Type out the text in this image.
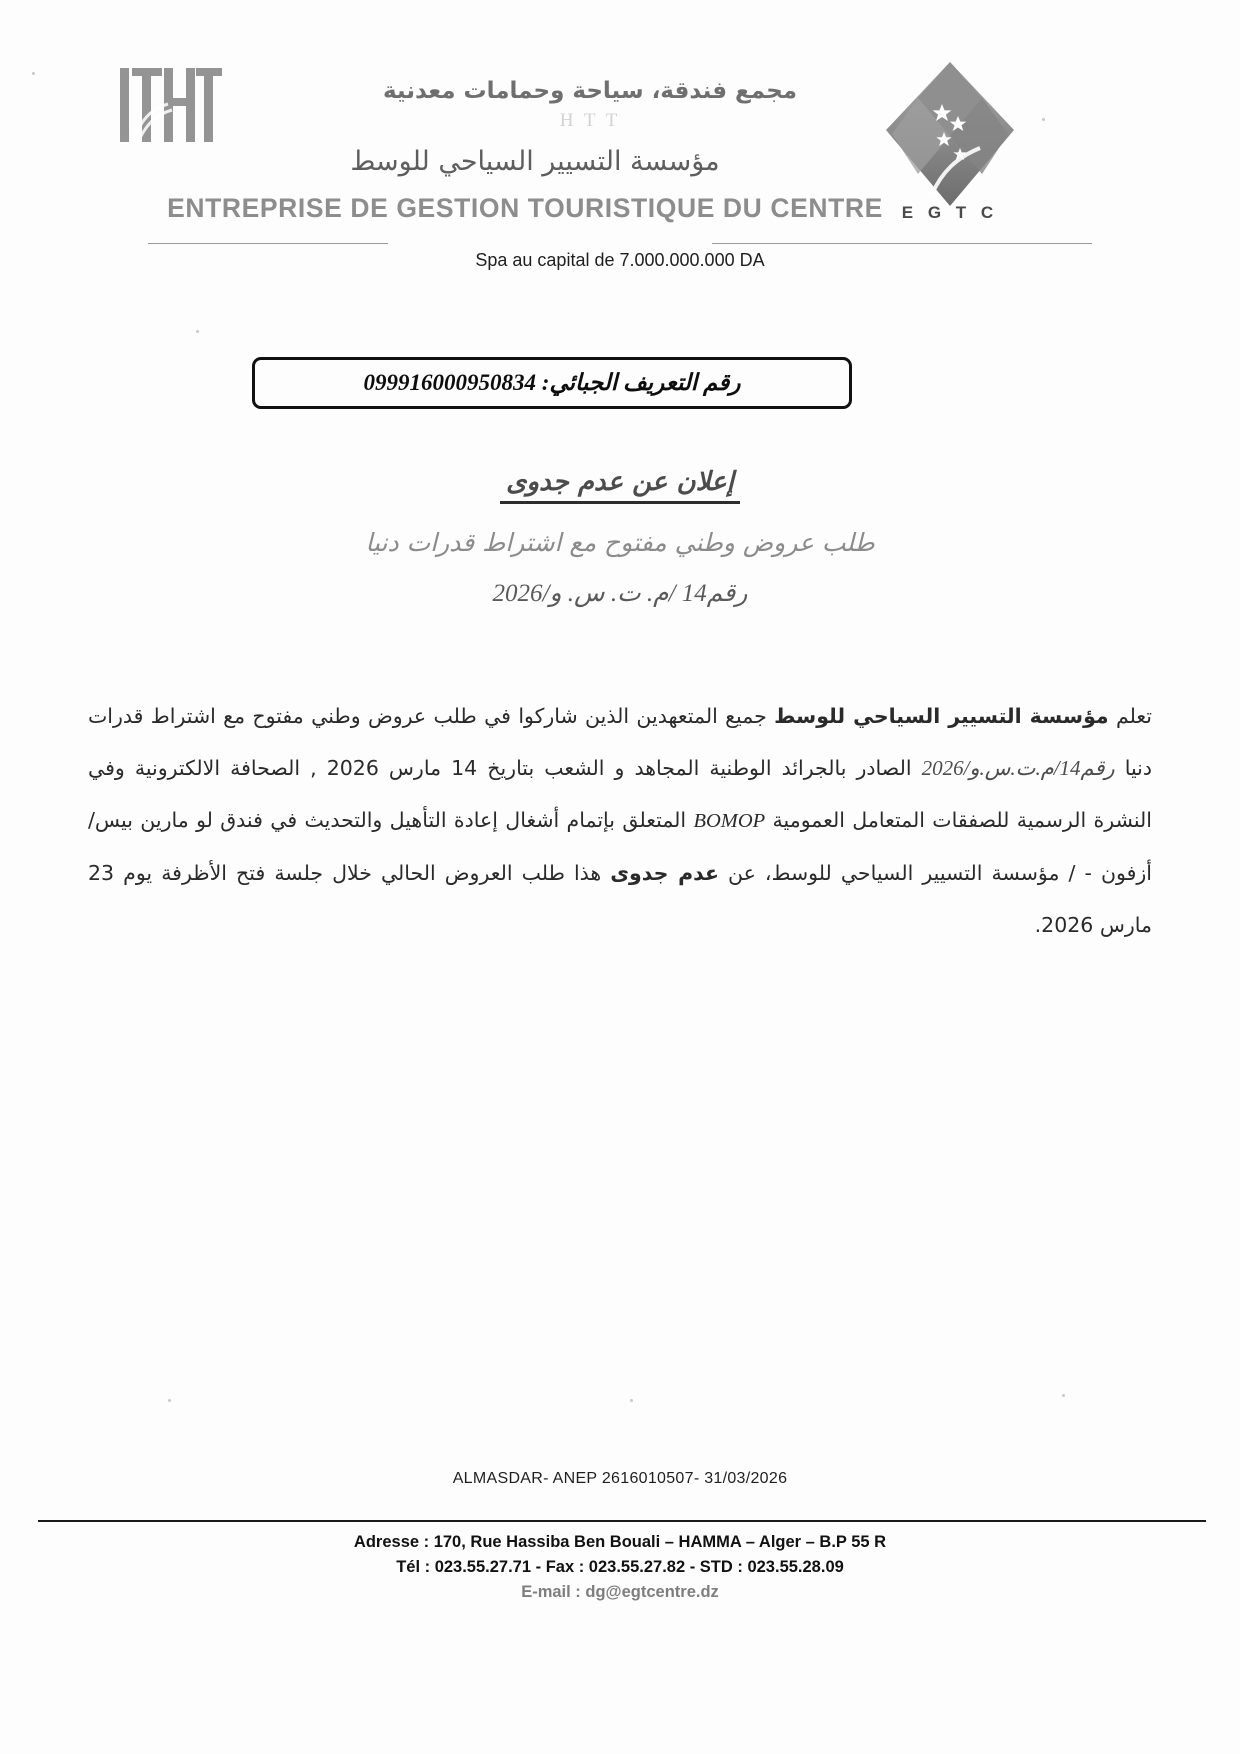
مجمع فندقة، سياحة وحمامات معدنية
H T T
مؤسسة التسيير السياحي للوسط
ENTREPRISE DE GESTION TOURISTIQUE DU CENTRE	E G T C
Spa au capital de 7.000.000.000 DA
رقم التعريف الجبائي: 099916000950834
إعلان عن عدم جدوى
طلب عروض وطني مفتوح مع اشتراط قدرات دنيا
رقم14 /م. ت. س. و/2026

تعلم مؤسسة التسيير السياحي للوسط جميع المتعهدين الذين شاركوا في طلب عروض وطني مفتوح مع اشتراط قدرات دنيا رقم14/م.ت.س.و/2026 الصادر بالجرائد الوطنية المجاهد و الشعب بتاريخ 14 مارس 2026 , الصحافة الالكترونية وفي النشرة الرسمية للصفقات المتعامل العمومية BOMOP المتعلق بإتمام أشغال إعادة التأهيل والتحديث في فندق لو مارين بيس/ أزفون - / مؤسسة التسيير السياحي للوسط، عن عدم جدوى هذا طلب العروض الحالي خلال جلسة فتح الأظرفة يوم 23 مارس 2026.

ALMASDAR- ANEP 2616010507- 31/03/2026
Adresse : 170, Rue Hassiba Ben Bouali – HAMMA – Alger – B.P 55 R
Tél : 023.55.27.71 - Fax : 023.55.27.82 - STD : 023.55.28.09
E-mail : dg@egtcentre.dz
